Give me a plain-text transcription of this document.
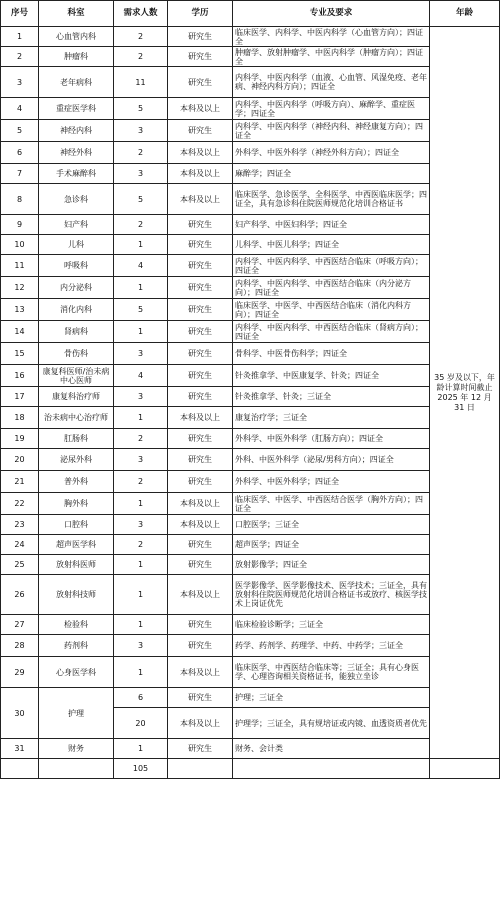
序号	科室	需求人数	学历	专业及要求	年龄
1	心血管内科	2	研究生	临床医学、内科学、中医内科学（心血管方向）；四证全	35 岁及以下，年龄计算时间截止 2025 年 12 月 31 日
2	肿瘤科	2	研究生	肿瘤学、放射肿瘤学、中医内科学（肿瘤方向）；四证全	
3	老年病科	11	研究生	内科学、中医内科学（血液、心血管、风湿免疫、老年病、神经内科方向）；四证全	
4	重症医学科	5	本科及以上	内科学、中医内科学（呼吸方向）、麻醉学、重症医学；四证全	
5	神经内科	3	研究生	内科学、中医内科学（神经内科、神经康复方向）；四证全	
6	神经外科	2	本科及以上	外科学、中医外科学（神经外科方向）；四证全	
7	手术麻醉科	3	本科及以上	麻醉学；四证全	
8	急诊科	5	本科及以上	临床医学、急诊医学、全科医学、中西医临床医学；四证全，具有急诊科住院医师规范化培训合格证书	
9	妇产科	2	研究生	妇产科学、中医妇科学；四证全	
10	儿科	1	研究生	儿科学、中医儿科学；四证全	
11	呼吸科	4	研究生	内科学、中医内科学、中西医结合临床（呼吸方向）；四证全	
12	内分泌科	1	研究生	内科学、中医内科学、中西医结合临床（内分泌方向）；四证全	
13	消化内科	5	研究生	临床医学、中医学、中西医结合临床（消化内科方向）；四证全	
14	肾病科	1	研究生	内科学、中医内科学、中西医结合临床（肾病方向）；四证全	
15	骨伤科	3	研究生	骨科学、中医骨伤科学；四证全	
16	康复科医师/治未病中心医师	4	研究生	针灸推拿学、中医康复学、针灸；四证全	
17	康复科治疗师	3	研究生	针灸推拿学、针灸；三证全	
18	治未病中心治疗师	1	本科及以上	康复治疗学；三证全	
19	肛肠科	2	研究生	外科学、中医外科学（肛肠方向）；四证全	
20	泌尿外科	3	研究生	外科、中医外科学（泌尿/男科方向）；四证全	
21	普外科	2	研究生	外科学、中医外科学；四证全	
22	胸外科	1	本科及以上	临床医学、中医学、中西医结合医学（胸外方向）；四证全	
23	口腔科	3	本科及以上	口腔医学；三证全	
24	超声医学科	2	研究生	超声医学；四证全	
25	放射科医师	1	研究生	放射影像学；四证全	
26	放射科技师	1	本科及以上	医学影像学、医学影像技术、医学技术；三证全，具有放射科住院医师规范化培训合格证书或放疗、核医学技术上岗证优先	
27	检验科	1	研究生	临床检验诊断学；三证全	
28	药剂科	3	研究生	药学、药剂学、药理学、中药、中药学；三证全	
29	心身医学科	1	本科及以上	临床医学、中西医结合临床等；三证全；具有心身医学、心理咨询相关资格证书，能独立坐诊	
30	护理	6	研究生	护理；三证全	
		20	本科及以上	护理学；三证全，具有规培证或内镜、血透资质者优先	
31	财务	1	研究生	财务、会计类	
		105			
